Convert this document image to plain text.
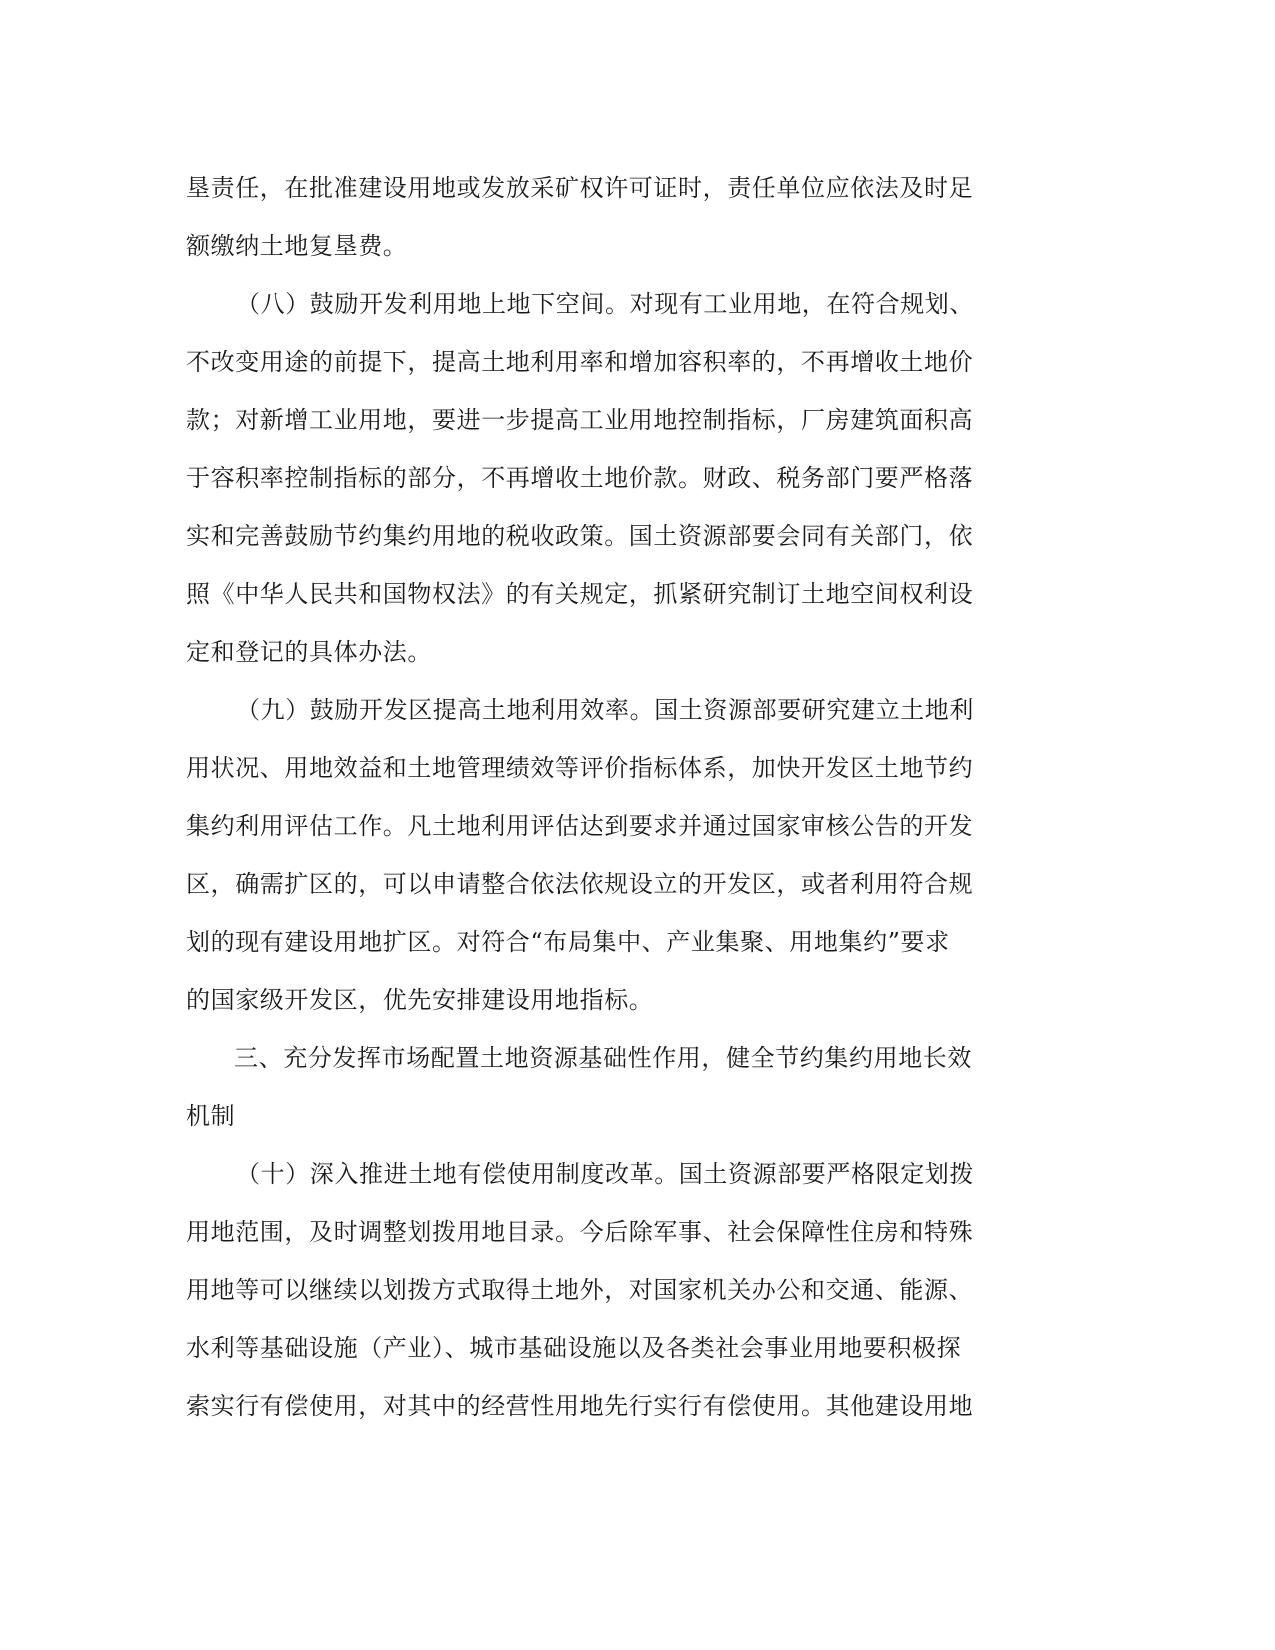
垦责任，在批准建设用地或发放采矿权许可证时，责任单位应依法及时足
额缴纳土地复垦费。
（八）鼓励开发利用地上地下空间。对现有工业用地，在符合规划、
不改变用途的前提下，提高土地利用率和增加容积率的，不再增收土地价
款；对新增工业用地，要进一步提高工业用地控制指标，厂房建筑面积高
于容积率控制指标的部分，不再增收土地价款。财政、税务部门要严格落
实和完善鼓励节约集约用地的税收政策。国土资源部要会同有关部门，依
照《中华人民共和国物权法》的有关规定，抓紧研究制订土地空间权利设
定和登记的具体办法。
（九）鼓励开发区提高土地利用效率。国土资源部要研究建立土地利
用状况、用地效益和土地管理绩效等评价指标体系，加快开发区土地节约
集约利用评估工作。凡土地利用评估达到要求并通过国家审核公告的开发
区，确需扩区的，可以申请整合依法依规设立的开发区，或者利用符合规
划的现有建设用地扩区。对符合“布局集中、产业集聚、用地集约”要求
的国家级开发区，优先安排建设用地指标。
三、充分发挥市场配置土地资源基础性作用，健全节约集约用地长效
机制
（十）深入推进土地有偿使用制度改革。国土资源部要严格限定划拨
用地范围，及时调整划拨用地目录。今后除军事、社会保障性住房和特殊
用地等可以继续以划拨方式取得土地外，对国家机关办公和交通、能源、
水利等基础设施（产业）、城市基础设施以及各类社会事业用地要积极探
索实行有偿使用，对其中的经营性用地先行实行有偿使用。其他建设用地
